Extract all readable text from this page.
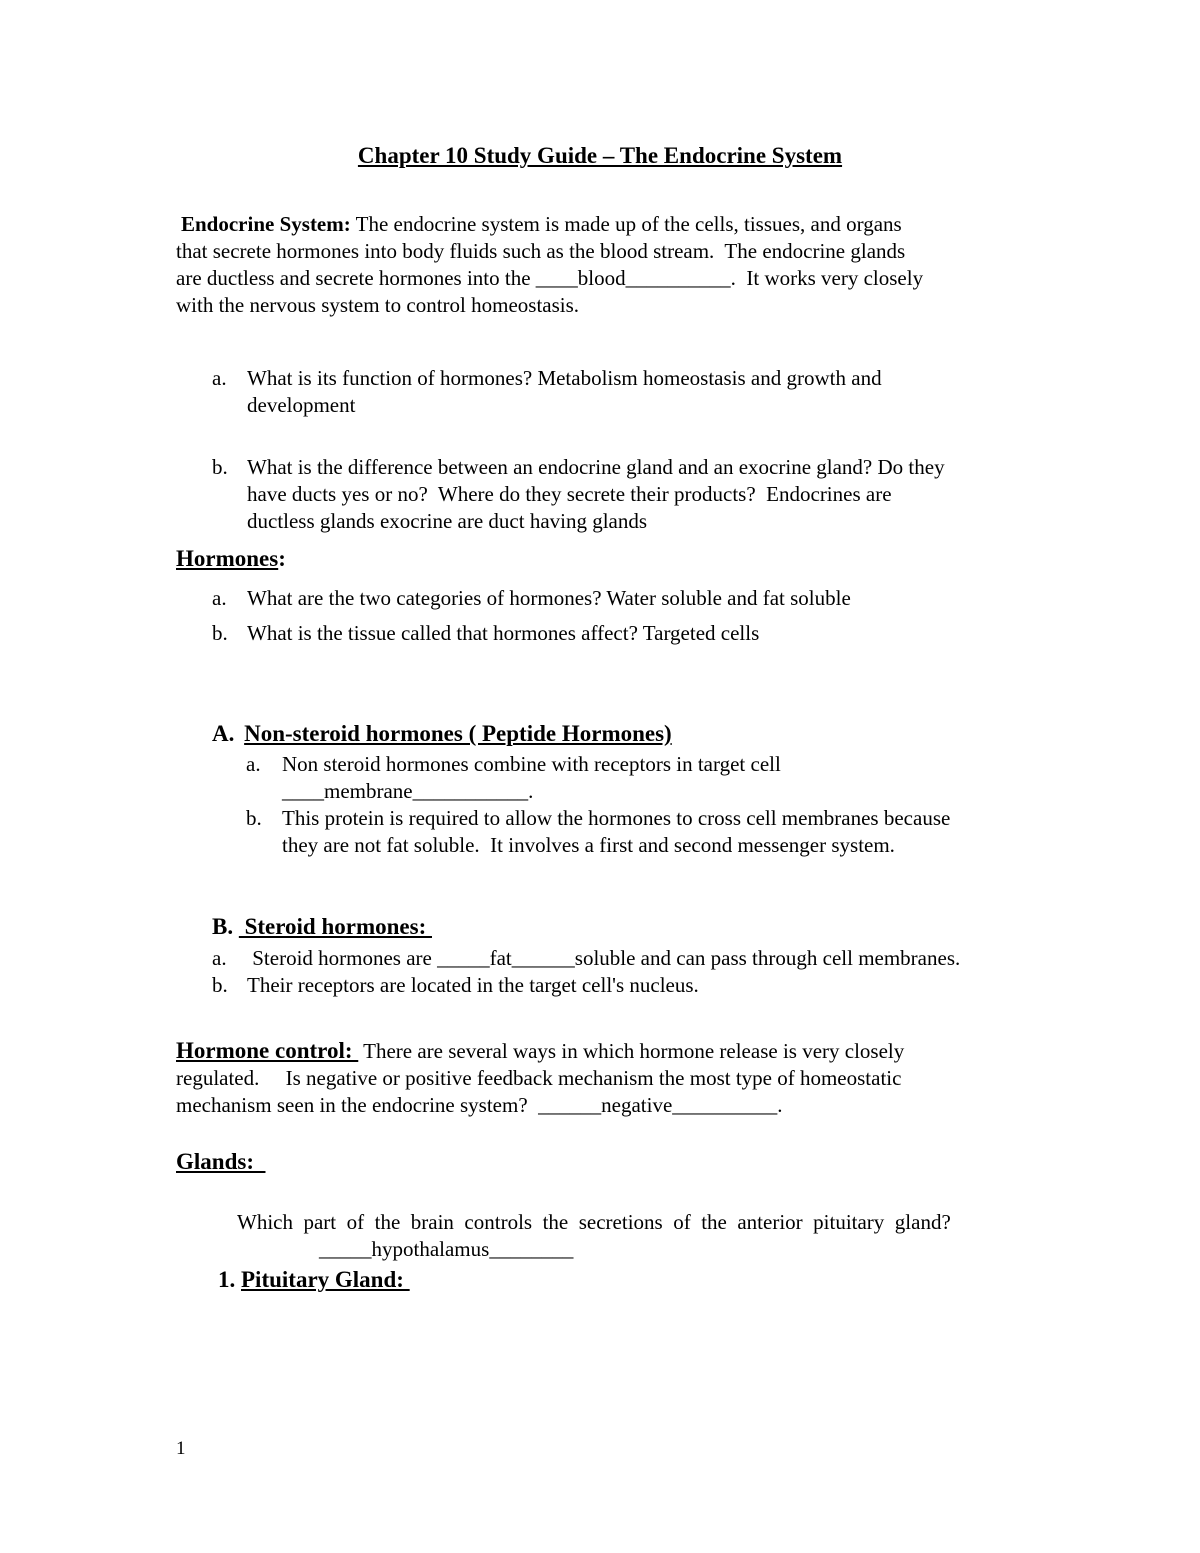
Chapter 10 Study Guide – The Endocrine System
Endocrine System: The endocrine system is made up of the cells, tissues, and organs
that secrete hormones into body fluids such as the blood stream.  The endocrine glands
are ductless and secrete hormones into the ____blood__________.  It works very closely
with the nervous system to control homeostasis.
a. What is its function of hormones? Metabolism homeostasis and growth and
development
b. What is the difference between an endocrine gland and an exocrine gland? Do they
have ducts yes or no?  Where do they secrete their products?  Endocrines are
ductless glands exocrine are duct having glands
Hormones:
a. What are the two categories of hormones? Water soluble and fat soluble
b. What is the tissue called that hormones affect? Targeted cells
A. Non-steroid hormones ( Peptide Hormones)
a. Non steroid hormones combine with receptors in target cell
____membrane___________.
b. This protein is required to allow the hormones to cross cell membranes because
they are not fat soluble.  It involves a first and second messenger system.
B.  Steroid hormones:
a. Steroid hormones are _____fat______soluble and can pass through cell membranes.
b. Their receptors are located in the target cell's nucleus.
Hormone control:  There are several ways in which hormone release is very closely
regulated.     Is negative or positive feedback mechanism the most type of homeostatic
mechanism seen in the endocrine system?  ______negative__________.
Glands:
Which  part  of  the  brain  controls  the  secretions  of  the  anterior  pituitary  gland?
_____hypothalamus________
1. Pituitary Gland:
1
